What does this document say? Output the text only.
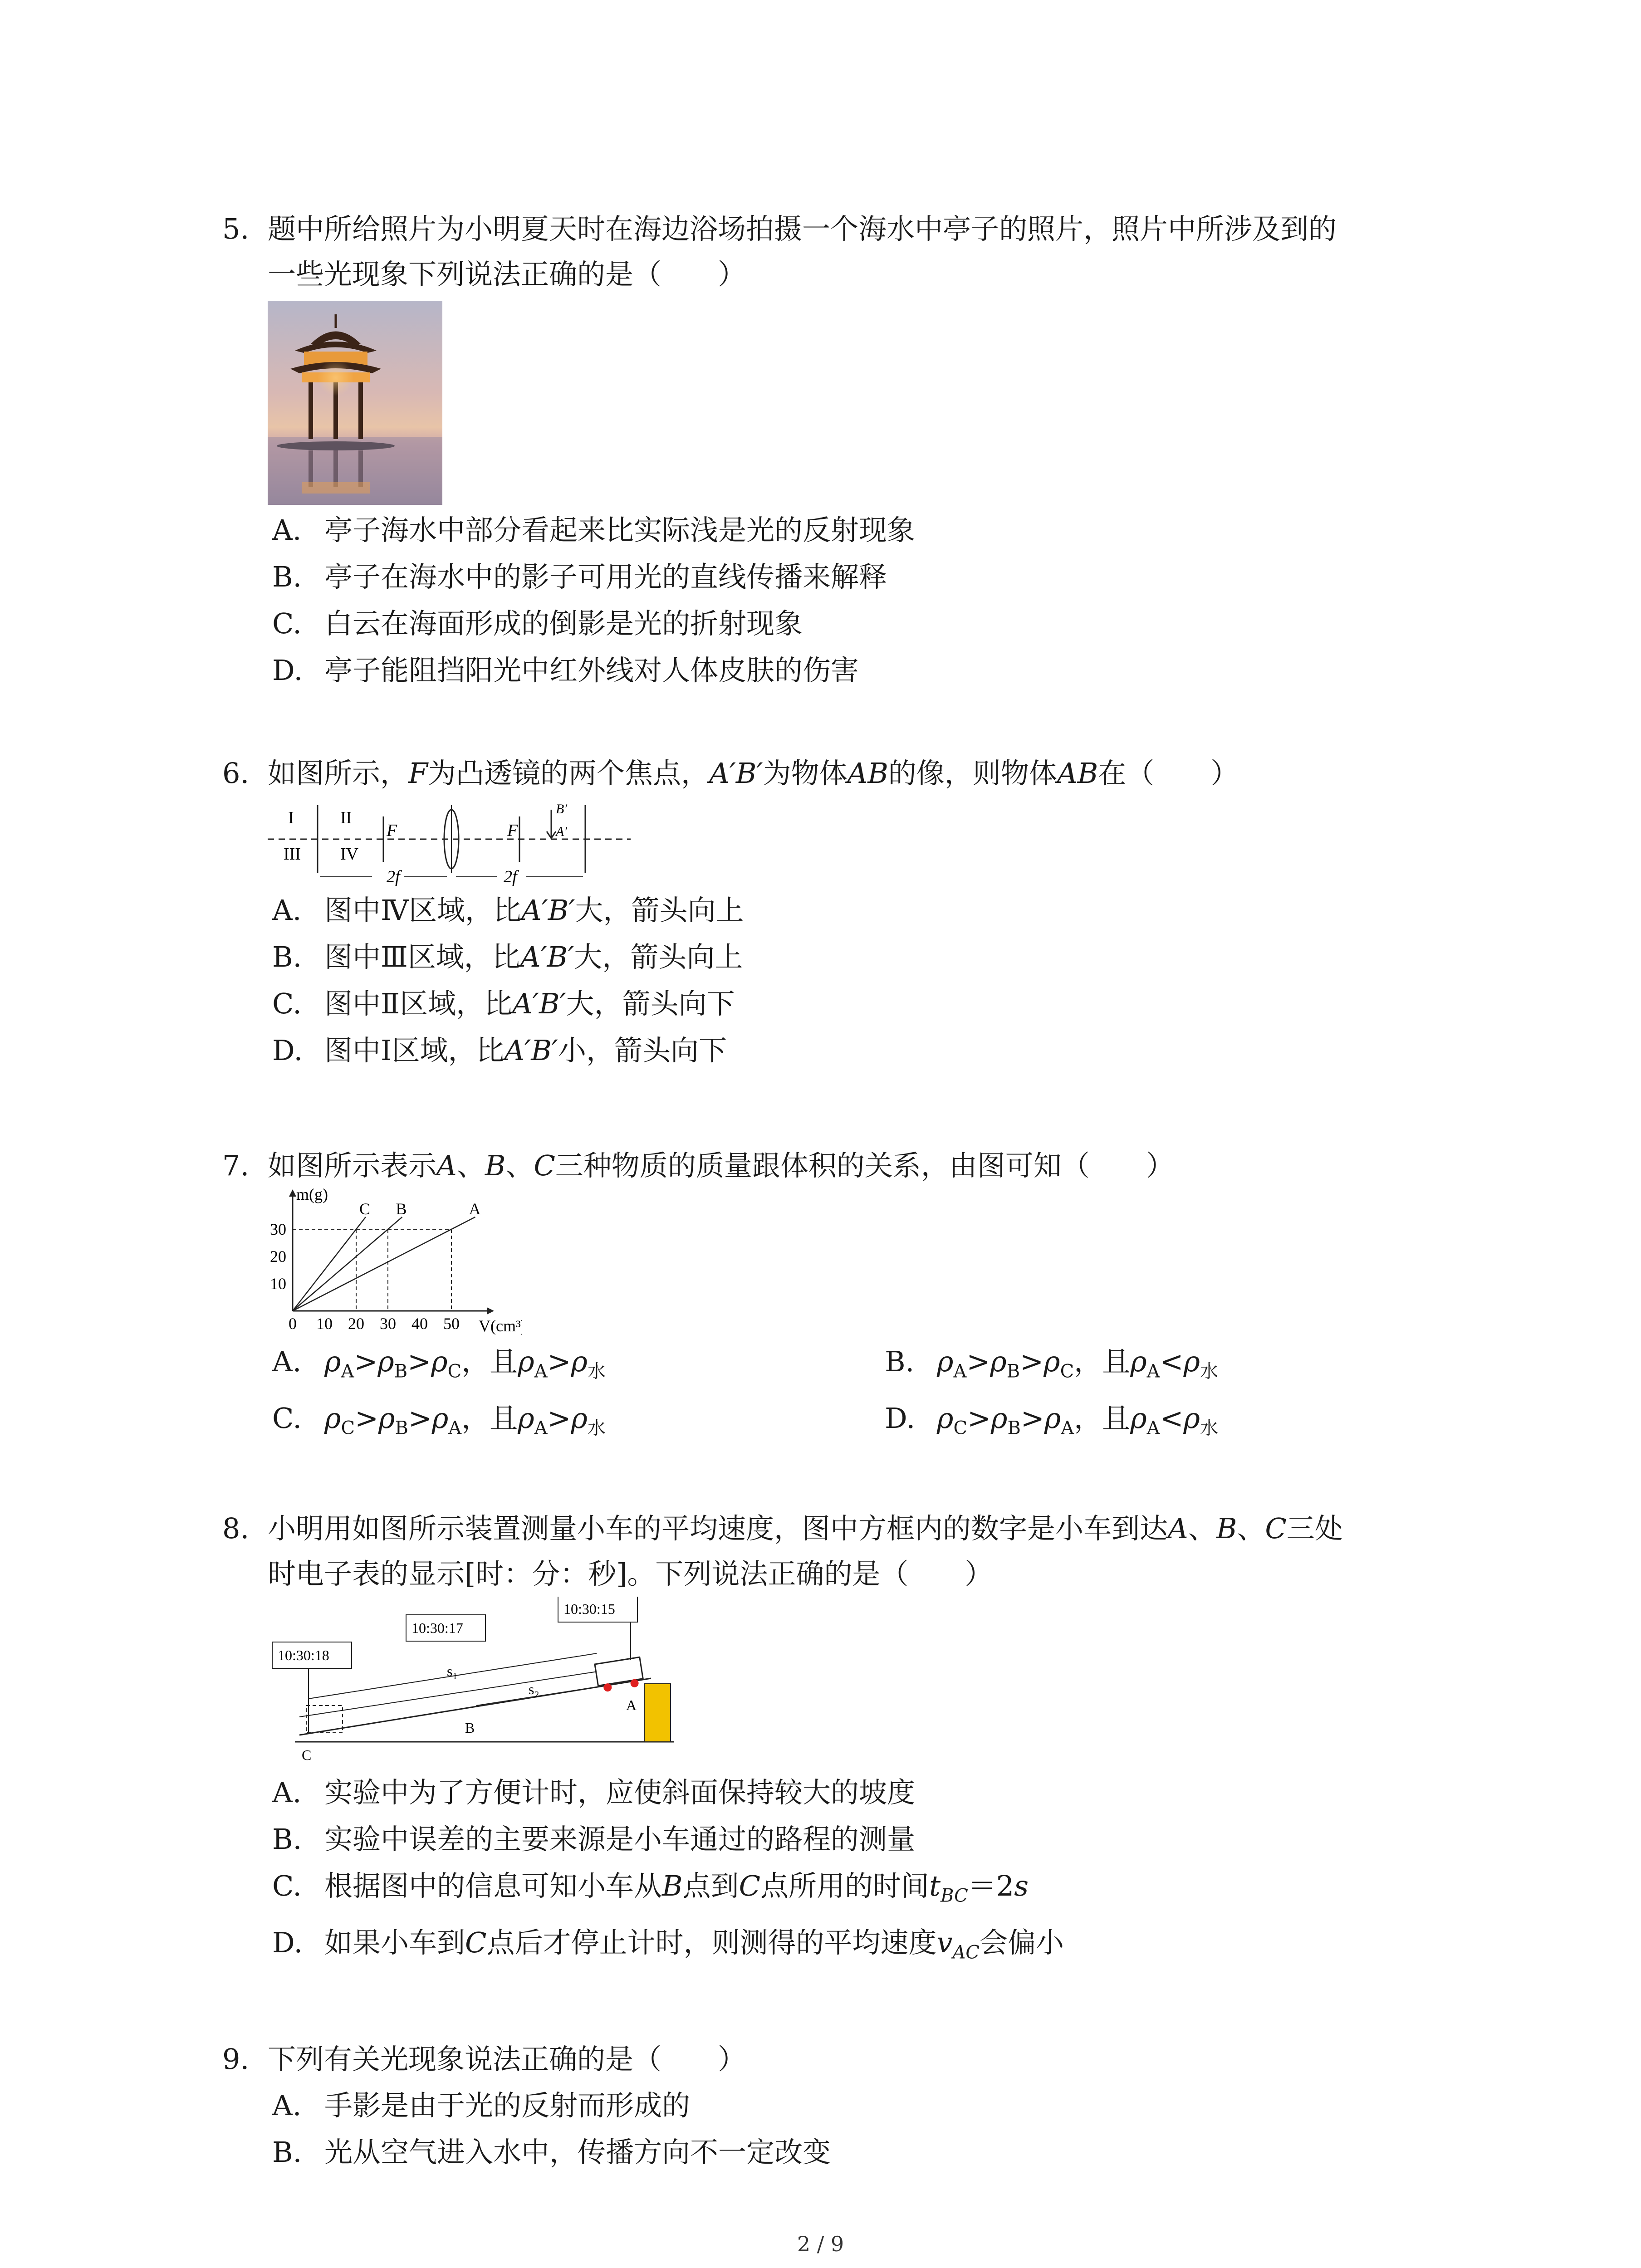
5. 题中所给照片为小明夏天时在海边浴场拍摄一个海水中亭子的照片，照片中所涉及到的
一些光现象下列说法正确的是（　　）
A. 亭子海水中部分看起来比实际浅是光的反射现象
B. 亭子在海水中的影子可用光的直线传播来解释
C. 白云在海面形成的倒影是光的折射现象
D. 亭子能阻挡阳光中红外线对人体皮肤的伤害
6. 如图所示，F为凸透镜的两个焦点，A′B′为物体AB的像，则物体AB在（　　）
I	II
III IV
F	F
2f	2f
B′
A′
A. 图中Ⅳ区域，比A′B′大，箭头向上
B. 图中Ⅲ区域，比A′B′大，箭头向上
C. 图中Ⅱ区域，比A′B′大，箭头向下
D. 图中Ⅰ区域，比A′B′小，箭头向下
7. 如图所示表示A、B、C三种物质的质量跟体积的关系，由图可知（　　）
m(g)
V(cm³)
0 10 20 30 40 50
10
20
30
C B	A
A. $\rho_A>\rho_B>\rho_C$，且$\rho_A>\rho_水$	B. $\rho_A>\rho_B>\rho_C$，且$\rho_A<\rho_水$
C. $\rho_C>\rho_B>\rho_A$，且$\rho_A>\rho_水$	D. $\rho_C>\rho_B>\rho_A$，且$\rho_A<\rho_水$
8. 小明用如图所示装置测量小车的平均速度，图中方框内的数字是小车到达A、B、C三处
时电子表的显示[时：分：秒]。下列说法正确的是（　　）
10:30:18
10:30:17
10:30:15
s₁
s₂
A
B
C
A. 实验中为了方便计时，应使斜面保持较大的坡度
B. 实验中误差的主要来源是小车通过的路程的测量
C. 根据图中的信息可知小车从B点到C点所用的时间$t_{BC}=2s$
D. 如果小车到C点后才停止计时，则测得的平均速度$v_{AC}$会偏小
9. 下列有关光现象说法正确的是（　　）
A. 手影是由于光的反射而形成的
B. 光从空气进入水中，传播方向不一定改变
2 / 9
